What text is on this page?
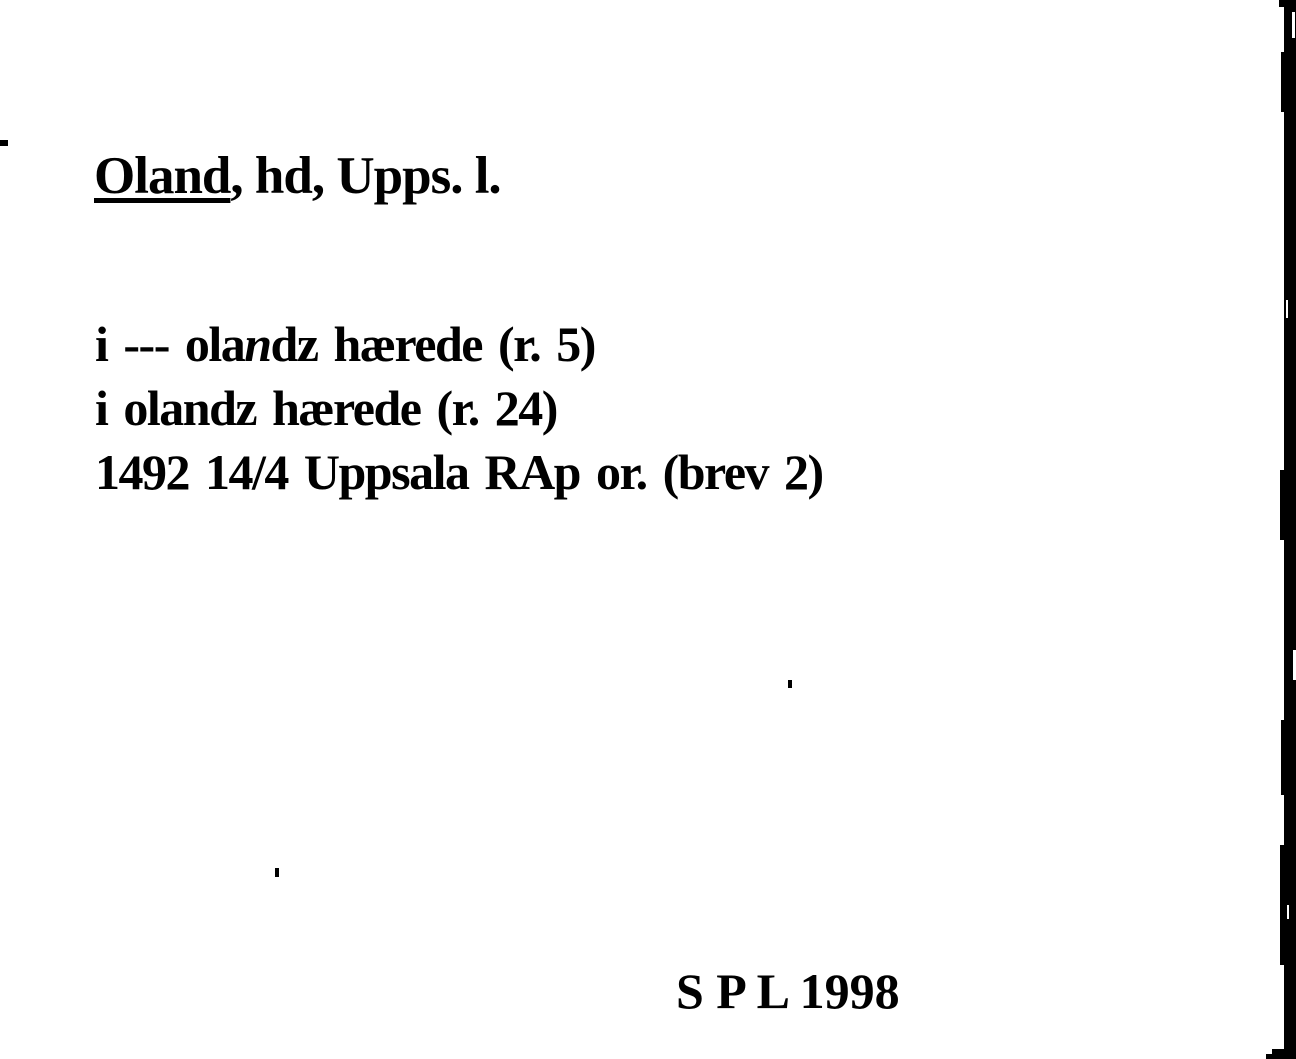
Oland, hd, Upps. l.

i --- olandz hærede (r. 5)

i olandz hærede (r. 24)

1492 14/4 Uppsala RAp or. (brev 2)

S P L 1998
